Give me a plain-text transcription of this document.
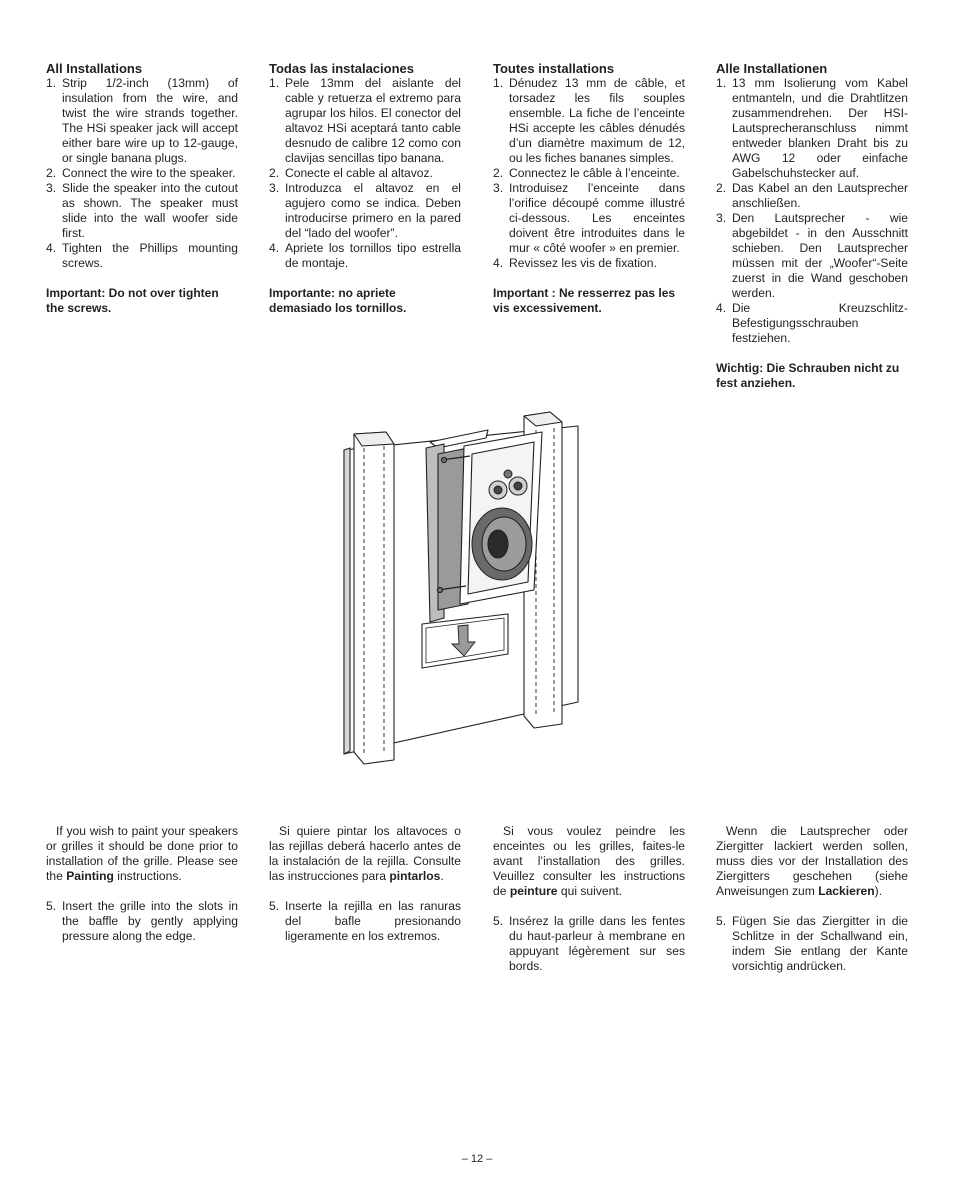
All Installations
1. Strip 1/2-inch (13mm) of insulation from the wire, and twist the wire strands together. The HSi speaker jack will accept either bare wire up to 12-gauge, or single banana plugs.
2. Connect the wire to the speaker.
3. Slide the speaker into the cutout as shown. The speaker must slide into the wall woofer side first.
4. Tighten the Phillips mounting screws.
Important: Do not over tighten the screws.
Todas las instalaciones
1. Pele 13mm del aislante del cable y retuerza el extremo para agrupar los hilos. El conector del altavoz HSi aceptará tanto cable desnudo de calibre 12 como con clavijas sencillas tipo banana.
2. Conecte el cable al altavoz.
3. Introduzca el altavoz en el agujero como se indica. Deben introducirse primero en la pared del “lado del woofer”.
4. Apriete los tornillos tipo estrella de montaje.
Importante: no apriete demasiado los tornillos.
Toutes installations
1. Dénudez 13 mm de câble, et torsadez les fils souples ensemble. La fiche de l’enceinte HSi accepte les câbles dénudés d’un diamètre maximum de 12, ou les fiches bananes simples.
2. Connectez le câble à l’enceinte.
3. Introduisez l’enceinte dans l’orifice découpé comme illustré ci-dessous. Les enceintes doivent être introduites dans le mur « côté woofer » en premier.
4. Revissez les vis de fixation.
Important : Ne resserrez pas les vis excessivement.
Alle Installationen
1. 13 mm Isolierung vom Kabel entmanteln, und die Drahtlitzen zusammendrehen. Der HSI-Lautsprecheranschluss nimmt entweder blanken Draht bis zu AWG 12 oder einfache Gabelschuhstecker auf.
2. Das Kabel an den Lautsprecher anschließen.
3. Den Lautsprecher - wie abgebildet - in den Ausschnitt schieben. Den Lautsprecher müssen mit der „Woofer“-Seite zuerst in die Wand geschoben werden.
4. Die Kreuzschlitz-Befestigungsschrauben festziehen.
Wichtig: Die Schrauben nicht zu fest anziehen.

If you wish to paint your speakers or grilles it should be done prior to installation of the grille. Please see the Painting instructions.

5. Insert the grille into the slots in the baffle by gently applying pressure along the edge.

Si quiere pintar los altavoces o las rejillas deberá hacerlo antes de la instalación de la rejilla. Consulte las instrucciones para pintarlos.

5. Inserte la rejilla en las ranuras del bafle presionando ligeramente en los extremos.

Si vous voulez peindre les enceintes ou les grilles, faites-le avant l’installation des grilles. Veuillez consulter les instructions de peinture qui suivent.

5. Insérez la grille dans les fentes du haut-parleur à membrane en appuyant légèrement sur ses bords.

Wenn die Lautsprecher oder Ziergitter lackiert werden sollen, muss dies vor der Installation des Ziergitters geschehen (siehe Anweisungen zum Lackieren).

5. Fügen Sie das Ziergitter in die Schlitze in der Schallwand ein, indem Sie entlang der Kante vorsichtig andrücken.
– 12 –
